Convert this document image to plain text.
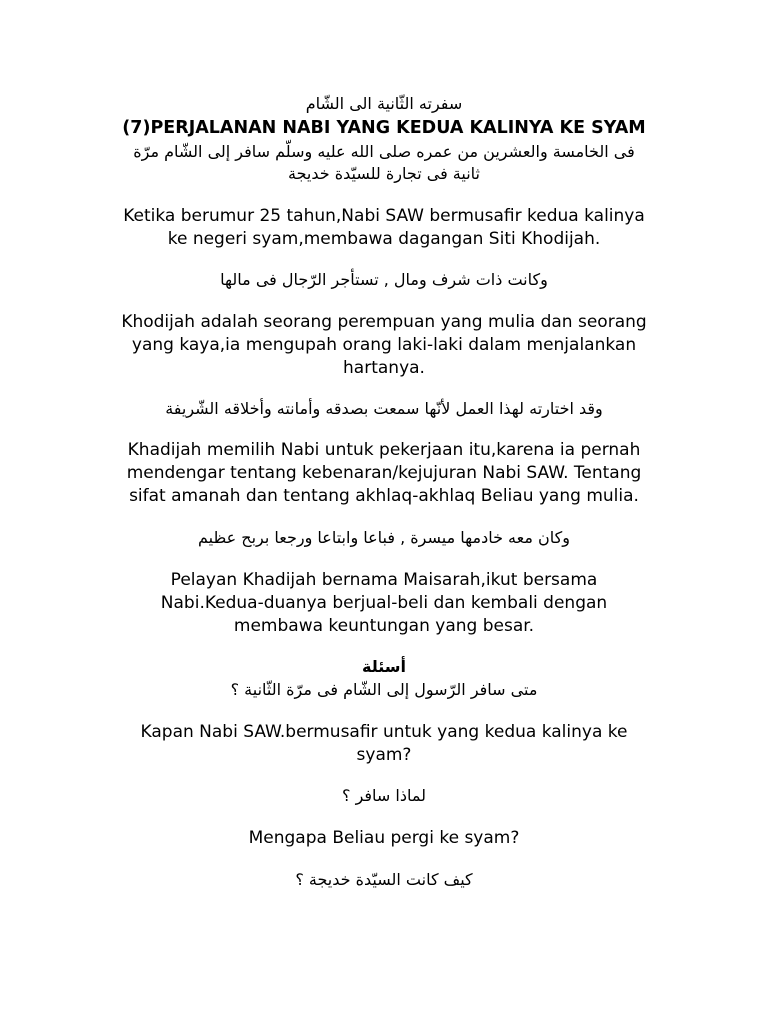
سفرته الثّانية الى الشّام
(7)PERJALANAN NABI YANG KEDUA KALINYA KE SYAM
فى الخامسة والعشرين من عمره صلى الله عليه وسلّم سافر إلى الشّام مرّة
ثانية فى تجارة للسيّدة خديجة
Ketika berumur 25 tahun,Nabi SAW bermusafir kedua kalinya
ke negeri syam,membawa dagangan Siti Khodijah.
وكانت ذات شرف ومال , تستأجر الرّجال فى مالها
Khodijah adalah seorang perempuan yang mulia dan seorang
yang kaya,ia mengupah orang laki-laki dalam menjalankan
hartanya.
وقد اختارته لهذا العمل لأنّها سمعت بصدقه وأمانته وأخلاقه الشّريفة
Khadijah memilih Nabi untuk pekerjaan itu,karena ia pernah
mendengar tentang kebenaran/kejujuran Nabi SAW. Tentang
sifat amanah dan tentang akhlaq-akhlaq Beliau yang mulia.
وكان معه خادمها ميسرة , فباعا وابتاعا ورجعا بربح عظيم
Pelayan Khadijah bernama Maisarah,ikut bersama
Nabi.Kedua-duanya berjual-beli dan kembali dengan
membawa keuntungan yang besar.
أسئلة
متى سافر الرّسول إلى الشّام فى مرّة الثّانية ؟
Kapan Nabi SAW.bermusafir untuk yang kedua kalinya ke
syam?
لماذا سافر ؟
Mengapa Beliau pergi ke syam?
كيف كانت السيّدة خديجة ؟
